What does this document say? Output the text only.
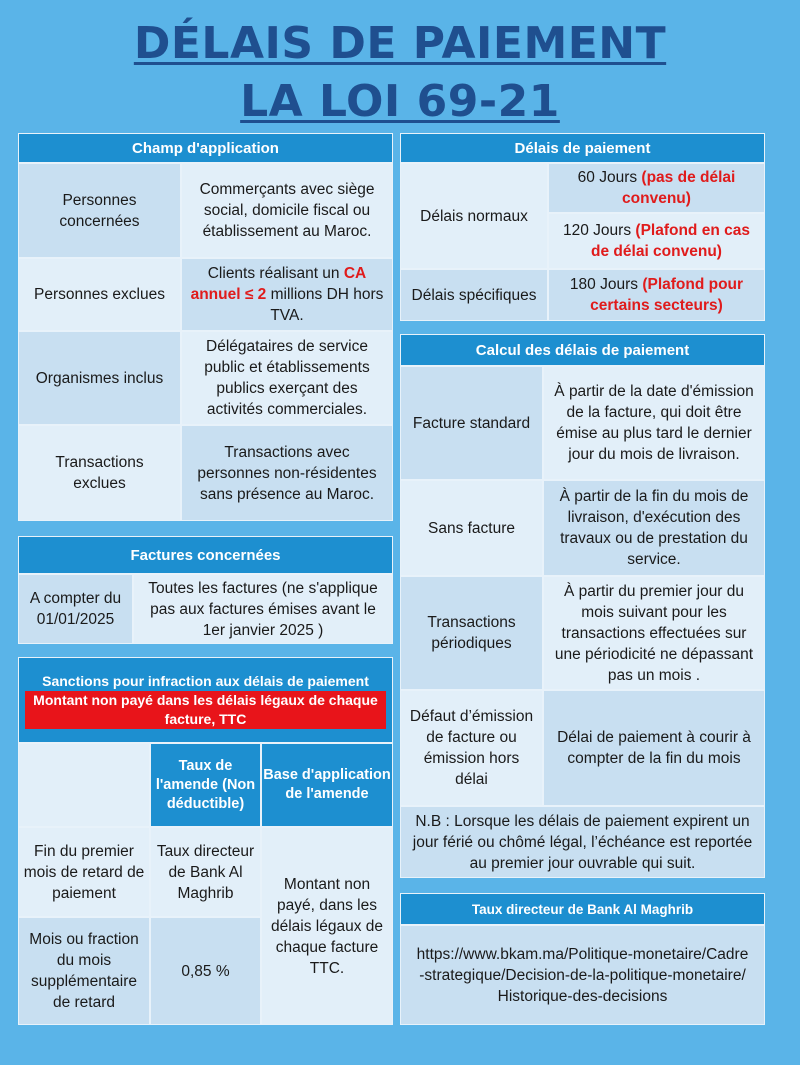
DÉLAIS DE PAIEMENT
LA LOI 69-21
Champ d'application
Personnes concernées
Commerçants avec siège social, domicile fiscal ou établissement au Maroc.
Personnes exclues
Clients réalisant un CA annuel ≤ 2 millions DH hors TVA.
Organismes inclus
Délégataires de service public et établissements publics exerçant des activités commerciales.
Transactions exclues
Transactions avec personnes non-résidentes sans présence au Maroc.
Factures concernées
A compter du 01/01/2025
Toutes les factures (ne s'applique pas aux factures émises avant le 1er janvier 2025 )
Sanctions pour infraction aux délais de paiement
Montant non payé dans les délais légaux de chaque facture, TTC
Taux de l'amende (Non déductible)
Base d'application de l'amende
Fin du premier mois de retard de paiement
Taux directeur de Bank Al Maghrib
Mois ou fraction du mois supplémentaire de retard
0,85 %
Montant non payé, dans les délais légaux de chaque facture TTC.
Délais de paiement
Délais normaux
60 Jours (pas de délai convenu)
120 Jours (Plafond en cas de délai convenu)
Délais spécifiques
180 Jours (Plafond pour certains secteurs)
Calcul des délais de paiement
Facture standard
À partir de la date d'émission de la facture, qui doit être émise au plus tard le dernier jour du mois de livraison.
Sans facture
À partir de la fin du mois de livraison, d'exécution des travaux ou de prestation du service.
Transactions périodiques
À partir du premier jour du mois suivant pour les transactions effectuées sur une périodicité ne dépassant pas un mois .
Défaut d’émission de facture ou émission hors délai
Délai de paiement à courir à compter de la fin du mois
N.B : Lorsque les délais de paiement expirent un jour férié ou chômé légal, l’échéance est reportée au premier jour ouvrable qui suit.
Taux directeur de Bank Al Maghrib
https://www.bkam.ma/Politique-monetaire/Cadre-strategique/Decision-de-la-politique-monetaire/Historique-des-decisions
